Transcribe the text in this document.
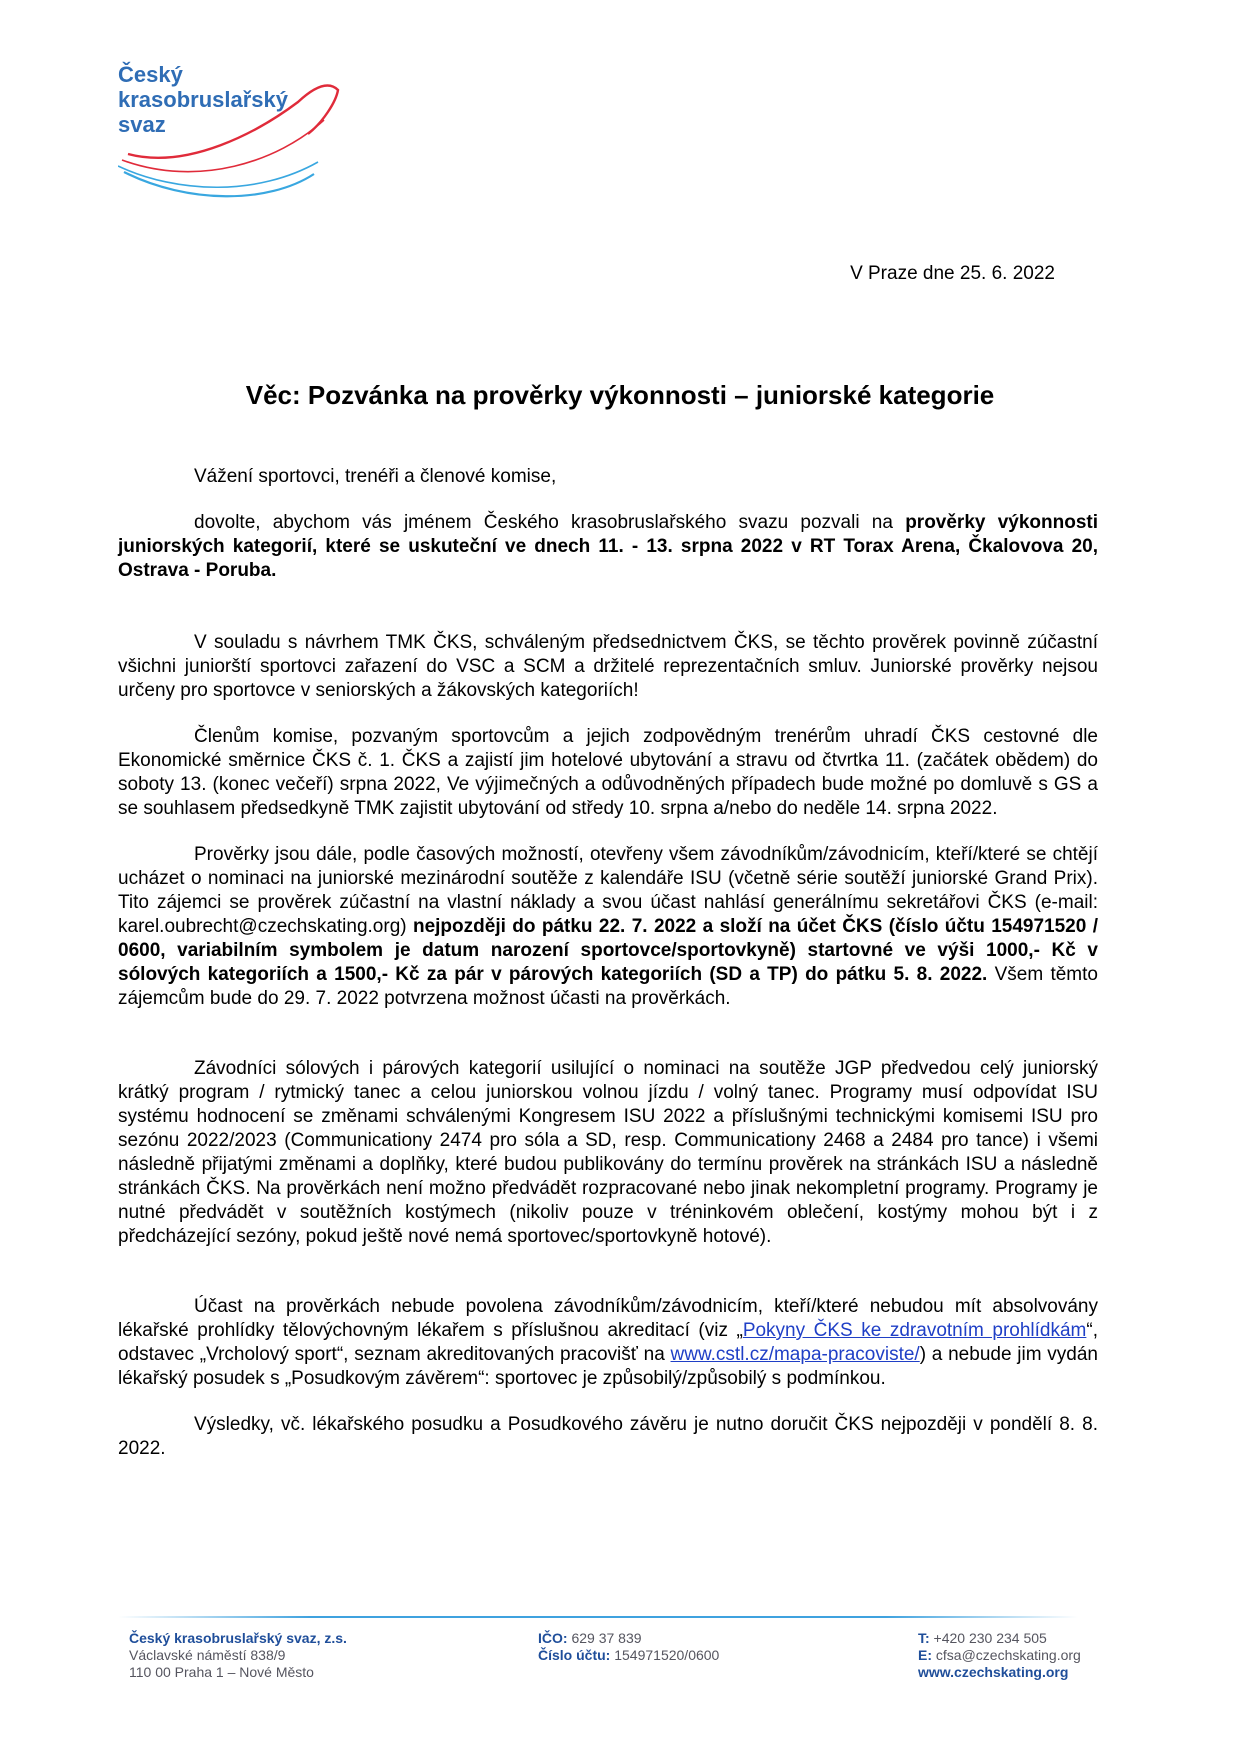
Český
krasobruslařský
svaz
V Praze dne 25. 6. 2022
Věc: Pozvánka na prověrky výkonnosti – juniorské kategorie

Vážení sportovci, trenéři a členové komise,

dovolte, abychom vás jménem Českého krasobruslařského svazu pozvali na prověrky výkonnosti juniorských kategorií, které se uskuteční ve dnech 11. - 13. srpna 2022 v RT Torax Arena, Čkalovova 20, Ostrava - Poruba.

V souladu s návrhem TMK ČKS, schváleným předsednictvem ČKS, se těchto prověrek povinně zúčastní všichni juniorští sportovci zařazení do VSC a SCM a držitelé reprezentačních smluv. Juniorské prověrky nejsou určeny pro sportovce v seniorských a žákovských kategoriích!

Členům komise, pozvaným sportovcům a jejich zodpovědným trenérům uhradí ČKS cestovné dle Ekonomické směrnice ČKS č. 1. ČKS a zajistí jim hotelové ubytování a stravu od čtvrtka 11. (začátek obědem) do soboty 13. (konec večeří) srpna 2022, Ve výjimečných a odůvodněných případech bude možné po domluvě s GS a se souhlasem předsedkyně TMK zajistit ubytování od středy 10. srpna a/nebo do neděle 14. srpna 2022.

Prověrky jsou dále, podle časových možností, otevřeny všem závodníkům/závodnicím, kteří/které se chtějí ucházet o nominaci na juniorské mezinárodní soutěže z kalendáře ISU (včetně série soutěží juniorské Grand Prix). Tito zájemci se prověrek zúčastní na vlastní náklady a svou účast nahlásí generálnímu sekretářovi ČKS (e-mail: karel.oubrecht@czechskating.org) nejpozději do pátku 22. 7. 2022 a složí na účet ČKS (číslo účtu 154971520 / 0600, variabilním symbolem je datum narození sportovce/sportovkyně) startovné ve výši 1000,- Kč v sólových kategoriích a 1500,- Kč za pár v párových kategoriích (SD a TP) do pátku 5. 8. 2022. Všem těmto zájemcům bude do 29. 7. 2022 potvrzena možnost účasti na prověrkách.

Závodníci sólových i párových kategorií usilující o nominaci na soutěže JGP předvedou celý juniorský krátký program / rytmický tanec a celou juniorskou volnou jízdu / volný tanec. Programy musí odpovídat ISU systému hodnocení se změnami schválenými Kongresem ISU 2022 a příslušnými technickými komisemi ISU pro sezónu 2022/2023 (Communicationy 2474 pro sóla a SD, resp. Communicationy 2468 a 2484 pro tance) i všemi následně přijatými změnami a doplňky, které budou publikovány do termínu prověrek na stránkách ISU a následně stránkách ČKS. Na prověrkách není možno předvádět rozpracované nebo jinak nekompletní programy. Programy je nutné předvádět v soutěžních kostýmech (nikoliv pouze v tréninkovém oblečení, kostýmy mohou být i z předcházející sezóny, pokud ještě nové nemá sportovec/sportovkyně hotové).

Účast na prověrkách nebude povolena závodníkům/závodnicím, kteří/které nebudou mít absolvovány lékařské prohlídky tělovýchovným lékařem s příslušnou akreditací (viz „Pokyny ČKS ke zdravotním prohlídkám“, odstavec „Vrcholový sport“, seznam akreditovaných pracovišť na www.cstl.cz/mapa-pracoviste/) a nebude jim vydán lékařský posudek s „Posudkovým závěrem“: sportovec je způsobilý/způsobilý s podmínkou.

Výsledky, vč. lékařského posudku a Posudkového závěru je nutno doručit ČKS nejpozději v pondělí 8. 8. 2022.

Český krasobruslařský svaz, z.s.
Václavské náměstí 838/9
110 00 Praha 1 – Nové Město
IČO: 629 37 839
Číslo účtu: 154971520/0600
T: +420 230 234 505
E: cfsa@czechskating.org
www.czechskating.org
